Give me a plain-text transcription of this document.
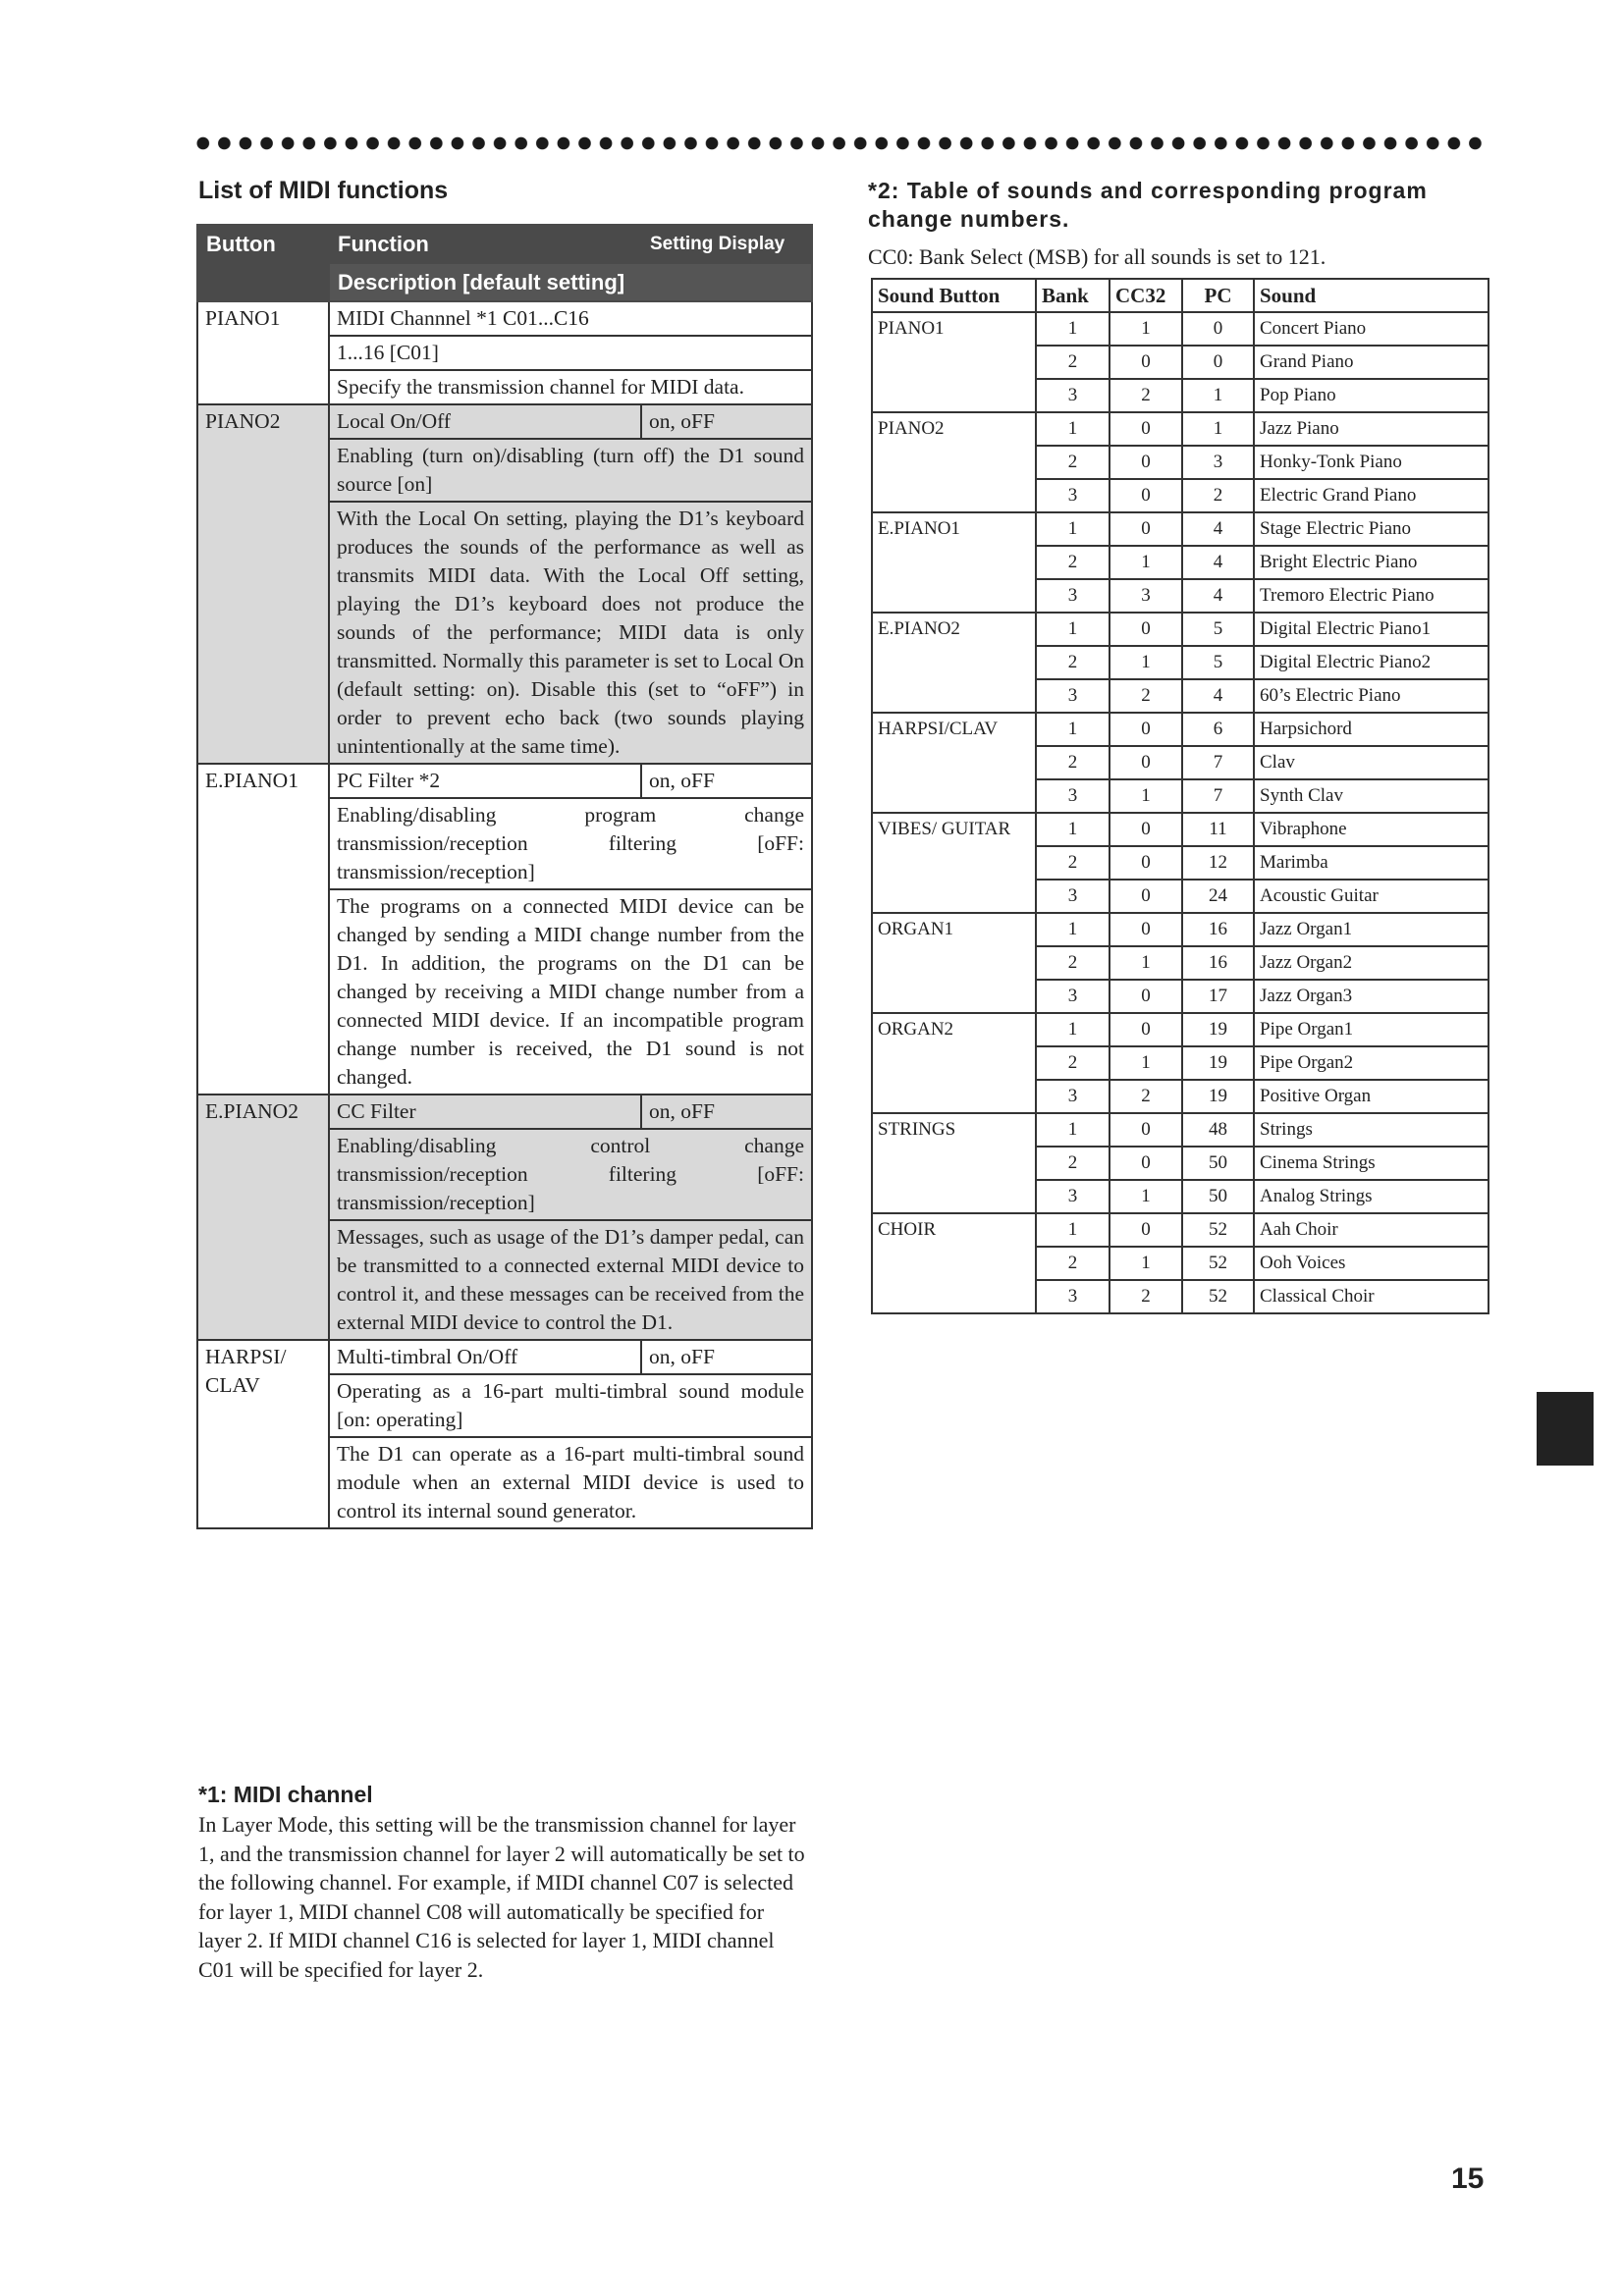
List of MIDI functions	*2: Table of sounds and corresponding program change numbers.
CC0: Bank Select (MSB) for all sounds is set to 121.
Button	Function	Setting Display
	Description [default setting]	
PIANO1	MIDI Channnel *1 C01...C16	
	1...16 [C01]	
	Specify the transmission channel for MIDI data.	
PIANO2	Local On/Off	on, oFF
	Enabling (turn on)/disabling (turn off) the D1 sound source [on]	
	With the Local On setting, playing the D1’s keyboard produces the sounds of the performance as well as transmits MIDI data. With the Local Off setting, playing the D1’s keyboard does not produce the sounds of the performance; MIDI data is only transmitted. Normally this parameter is set to Local On (default setting: on). Disable this (set to “oFF”) in order to prevent echo back (two sounds playing unintentionally at the same time).	
E.PIANO1	PC Filter *2	on, oFF
	Enabling/disabling program change transmission/reception filtering [oFF: transmission/reception]	
	The programs on a connected MIDI device can be changed by sending a MIDI change number from the D1. In addition, the programs on the D1 can be changed by receiving a MIDI change number from a connected MIDI device. If an incompatible program change number is received, the D1 sound is not changed.	
E.PIANO2	CC Filter	on, oFF
	Enabling/disabling control change transmission/reception filtering [oFF: transmission/reception]	
	Messages, such as usage of the D1’s damper pedal, can be transmitted to a connected external MIDI device to control it, and these messages can be received from the external MIDI device to control the D1.	
HARPSI/ CLAV	Multi-timbral On/Off	on, oFF
	Operating as a 16-part multi-timbral sound module [on: operating]	
	The D1 can operate as a 16-part multi-timbral sound module when an external MIDI device is used to control its internal sound generator.	
Sound Button	Bank	CC32	PC	Sound
PIANO1	1	1	0	Concert Piano
	2	0	0	Grand Piano
	3	2	1	Pop Piano
PIANO2	1	0	1	Jazz Piano
	2	0	3	Honky-Tonk Piano
	3	0	2	Electric Grand Piano
E.PIANO1	1	0	4	Stage Electric Piano
	2	1	4	Bright Electric Piano
	3	3	4	Tremoro Electric Piano
E.PIANO2	1	0	5	Digital Electric Piano1
	2	1	5	Digital Electric Piano2
	3	2	4	60’s Electric Piano
HARPSI/CLAV	1	0	6	Harpsichord
	2	0	7	Clav
	3	1	7	Synth Clav
VIBES/ GUITAR	1	0	11	Vibraphone
	2	0	12	Marimba
	3	0	24	Acoustic Guitar
ORGAN1	1	0	16	Jazz Organ1
	2	1	16	Jazz Organ2
	3	0	17	Jazz Organ3
ORGAN2	1	0	19	Pipe Organ1
	2	1	19	Pipe Organ2
	3	2	19	Positive Organ
STRINGS	1	0	48	Strings
	2	0	50	Cinema Strings
	3	1	50	Analog Strings
CHOIR	1	0	52	Aah Choir
	2	1	52	Ooh Voices
	3	2	52	Classical Choir
*1: MIDI channel
In Layer Mode, this setting will be the transmission channel for layer 1, and the transmission channel for layer 2 will automatically be set to the following channel. For example, if MIDI channel C07 is selected for layer 1, MIDI channel C08 will automatically be specified for layer 2. If MIDI channel C16 is selected for layer 1, MIDI channel C01 will be specified for layer 2.
15
